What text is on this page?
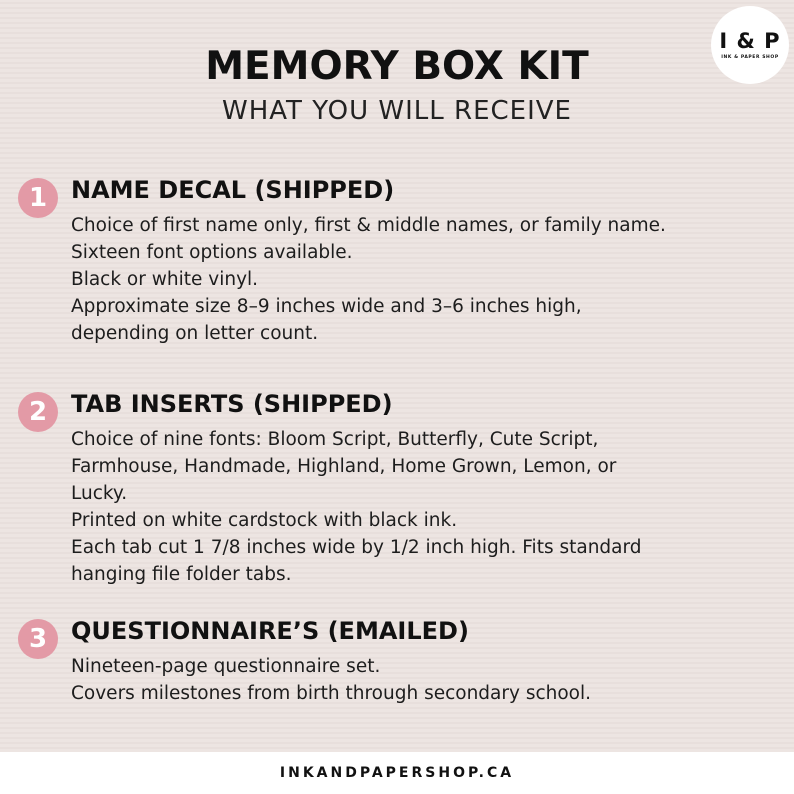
I & P
INK & PAPER SHOP
MEMORY BOX KIT
WHAT YOU WILL RECEIVE
1 NAME DECAL (SHIPPED)

Choice of first name only, first & middle names, or family name.

Sixteen font options available.

Black or white vinyl.

Approximate size 8–9 inches wide and 3–6 inches high,

depending on letter count.

2 TAB INSERTS (SHIPPED)

Choice of nine fonts: Bloom Script, Butterfly, Cute Script,

Farmhouse, Handmade, Highland, Home Grown, Lemon, or

Lucky.

Printed on white cardstock with black ink.

Each tab cut 1 7/8 inches wide by 1/2 inch high. Fits standard

hanging file folder tabs.

3 QUESTIONNAIRE’S (EMAILED)

Nineteen-page questionnaire set.

Covers milestones from birth through secondary school.

INKANDPAPERSHOP.CA
